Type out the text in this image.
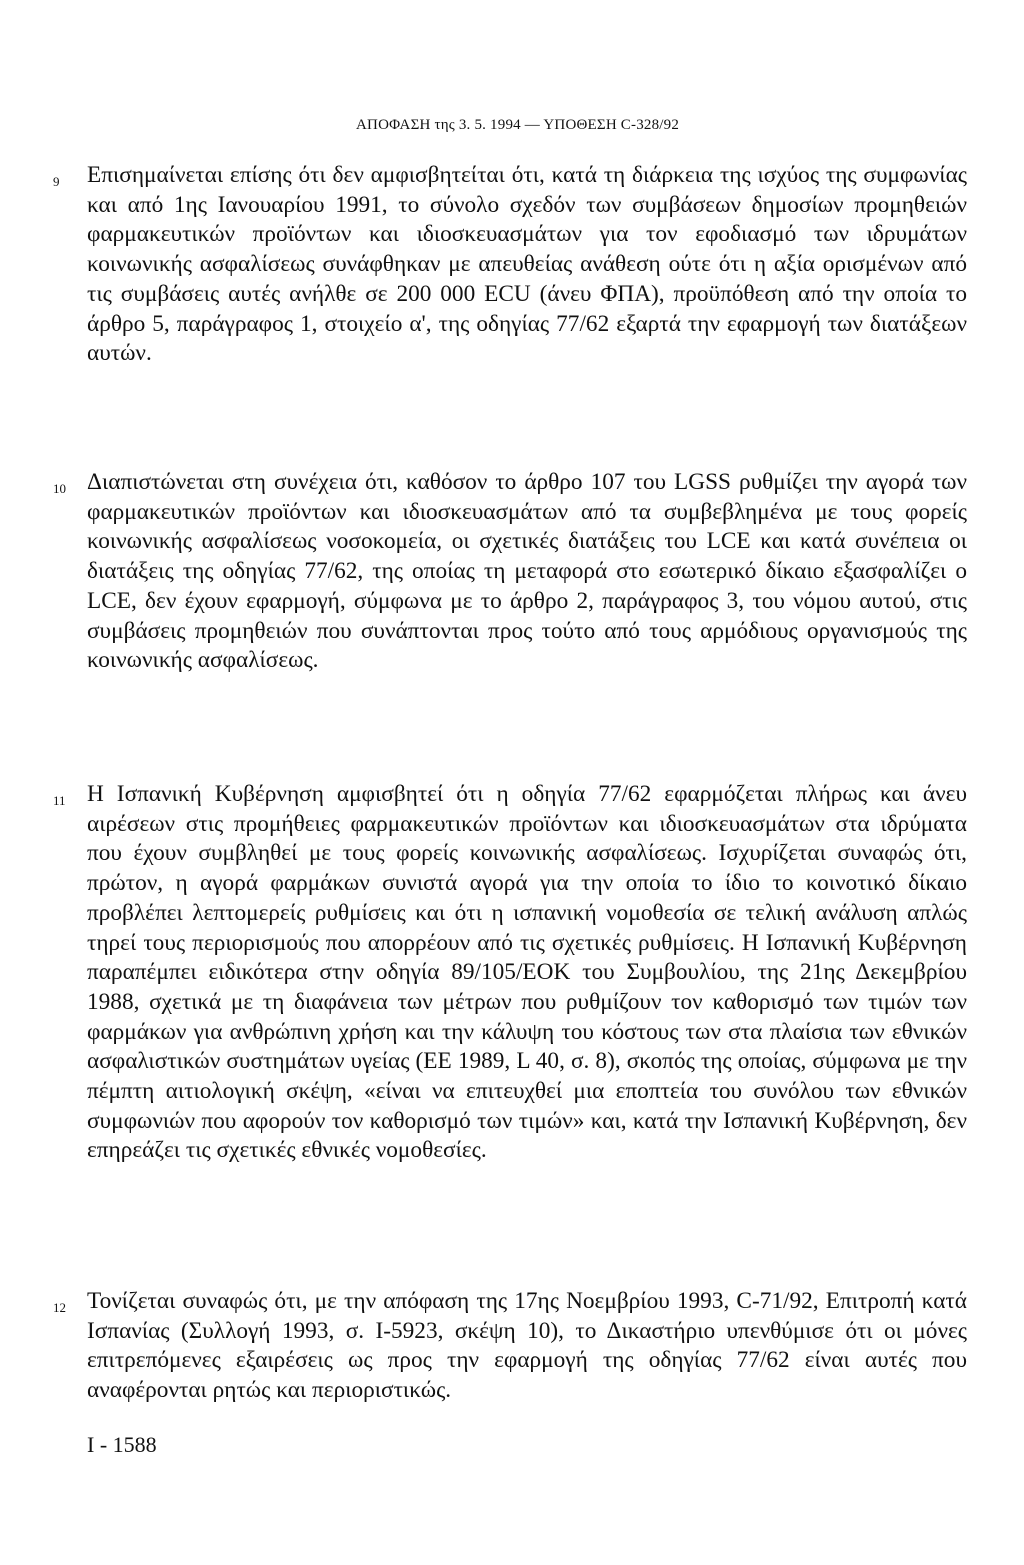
ΑΠΟΦΑΣΗ της 3. 5. 1994 — ΥΠΟΘΕΣΗ C-328/92
9 Επισημαίνεται επίσης ότι δεν αμφισβητείται ότι, κατά τη διάρκεια της ισχύος της συμφωνίας και από 1ης Ιανουαρίου 1991, το σύνολο σχεδόν των συμβάσεων δημοσίων προμηθειών φαρμακευτικών προϊόντων και ιδιοσκευασμάτων για τον εφοδιασμό των ιδρυμάτων κοινωνικής ασφαλίσεως συνάφθηκαν με απευθείας ανάθεση ούτε ότι η αξία ορισμένων από τις συμβάσεις αυτές ανήλθε σε 200 000 ECU (άνευ ΦΠΑ), προϋπόθεση από την οποία το άρθρο 5, παράγραφος 1, στοιχείο α', της οδηγίας 77/62 εξαρτά την εφαρμογή των διατάξεων αυτών.

10 Διαπιστώνεται στη συνέχεια ότι, καθόσον το άρθρο 107 του LGSS ρυθμίζει την αγορά των φαρμακευτικών προϊόντων και ιδιοσκευασμάτων από τα συμβεβλημένα με τους φορείς κοινωνικής ασφαλίσεως νοσοκομεία, οι σχετικές διατάξεις του LCE και κατά συνέπεια οι διατάξεις της οδηγίας 77/62, της οποίας τη μεταφορά στο εσωτερικό δίκαιο εξασφαλίζει ο LCE, δεν έχουν εφαρμογή, σύμφωνα με το άρθρο 2, παράγραφος 3, του νόμου αυτού, στις συμβάσεις προμηθειών που συνάπτονται προς τούτο από τους αρμόδιους οργανισμούς της κοινωνικής ασφαλίσεως.

11 Η Ισπανική Κυβέρνηση αμφισβητεί ότι η οδηγία 77/62 εφαρμόζεται πλήρως και άνευ αιρέσεων στις προμήθειες φαρμακευτικών προϊόντων και ιδιοσκευασμάτων στα ιδρύματα που έχουν συμβληθεί με τους φορείς κοινωνικής ασφαλίσεως. Ισχυρίζεται συναφώς ότι, πρώτον, η αγορά φαρμάκων συνιστά αγορά για την οποία το ίδιο το κοινοτικό δίκαιο προβλέπει λεπτομερείς ρυθμίσεις και ότι η ισπανική νομοθεσία σε τελική ανάλυση απλώς τηρεί τους περιορισμούς που απορρέουν από τις σχετικές ρυθμίσεις. Η Ισπανική Κυβέρνηση παραπέμπει ειδικότερα στην οδηγία 89/105/ΕΟΚ του Συμβουλίου, της 21ης Δεκεμβρίου 1988, σχετικά με τη διαφάνεια των μέτρων που ρυθμίζουν τον καθορισμό των τιμών των φαρμάκων για ανθρώπινη χρήση και την κάλυψη του κόστους των στα πλαίσια των εθνικών ασφαλιστικών συστημάτων υγείας (ΕΕ 1989, L 40, σ. 8), σκοπός της οποίας, σύμφωνα με την πέμπτη αιτιολογική σκέψη, «είναι να επιτευχθεί μια εποπτεία του συνόλου των εθνικών συμφωνιών που αφορούν τον καθορισμό των τιμών» και, κατά την Ισπανική Κυβέρνηση, δεν επηρεάζει τις σχετικές εθνικές νομοθεσίες.

12 Τονίζεται συναφώς ότι, με την απόφαση της 17ης Νοεμβρίου 1993, C-71/92, Επιτροπή κατά Ισπανίας (Συλλογή 1993, σ. I-5923, σκέψη 10), το Δικαστήριο υπενθύμισε ότι οι μόνες επιτρεπόμενες εξαιρέσεις ως προς την εφαρμογή της οδηγίας 77/62 είναι αυτές που αναφέρονται ρητώς και περιοριστικώς.

I - 1588
